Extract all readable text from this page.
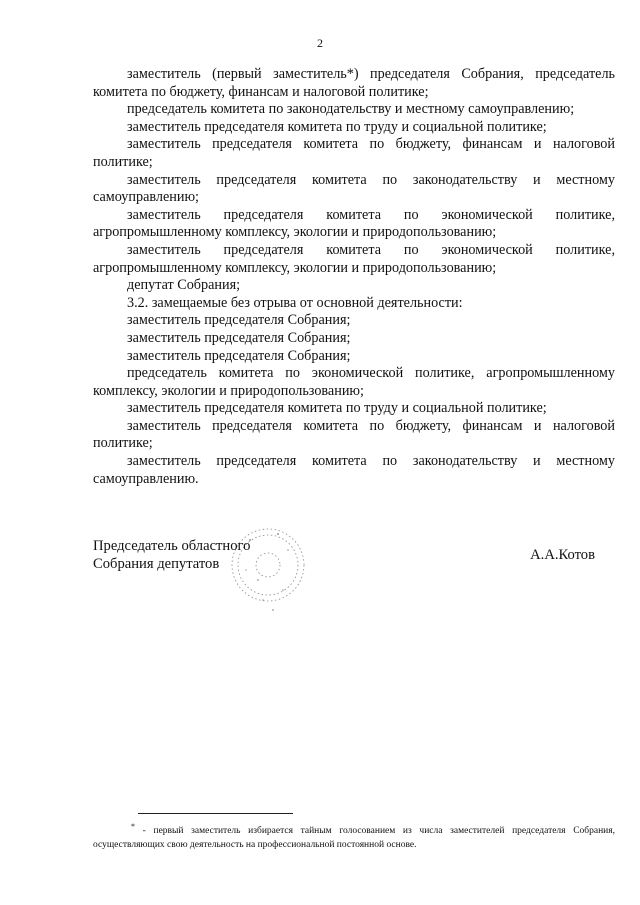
2

заместитель (первый заместитель*) председателя Собрания, председатель комитета по бюджету, финансам и налоговой политике;

председатель комитета по законодательству и местному самоуправлению;

заместитель председателя комитета по труду и социальной политике;

заместитель председателя комитета по бюджету, финансам и налоговой политике;

заместитель председателя комитета по законодательству и местному самоуправлению;

заместитель председателя комитета по экономической политике, агропромышленному комплексу, экологии и природопользованию;

заместитель председателя комитета по экономической политике, агропромышленному комплексу, экологии и природопользованию;

депутат Собрания;

3.2. замещаемые без отрыва от основной деятельности:

заместитель председателя Собрания;

заместитель председателя Собрания;

заместитель председателя Собрания;

председатель комитета по экономической политике, агропромышленному комплексу, экологии и природопользованию;

заместитель председателя комитета по труду и социальной политике;

заместитель председателя комитета по бюджету, финансам и налоговой политике;

заместитель председателя комитета по законодательству и местному самоуправлению.

Председатель областного
Собрания депутатов
А.А.Котов

* - первый заместитель избирается тайным голосованием из числа заместителей председателя Собрания, осуществляющих свою деятельность на профессиональной постоянной основе.
